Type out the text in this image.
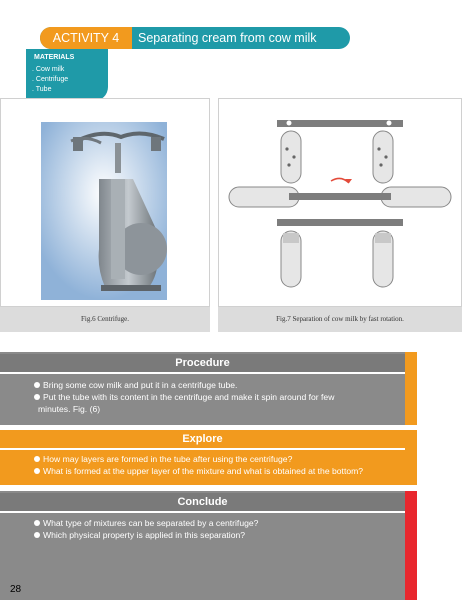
ACTIVITY 4	Separating cream from cow milk
MATERIALS
. Cow milk
. Centrifuge
. Tube
Fig.6 Centrifuge.	Fig.7 Separation of cow milk by fast rotation.
Procedure
Bring some cow milk and put it in a centrifuge tube.
Put the tube with its content in the centrifuge and make it spin around for few
minutes. Fig. (6)
Explore
How may layers are formed in the tube after using the centrifuge?
What is formed at the upper layer of the mixture and what is obtained at the bottom?
Conclude
What type of mixtures can be separated by a centrifuge?
Which physical property is applied in this separation?
28
